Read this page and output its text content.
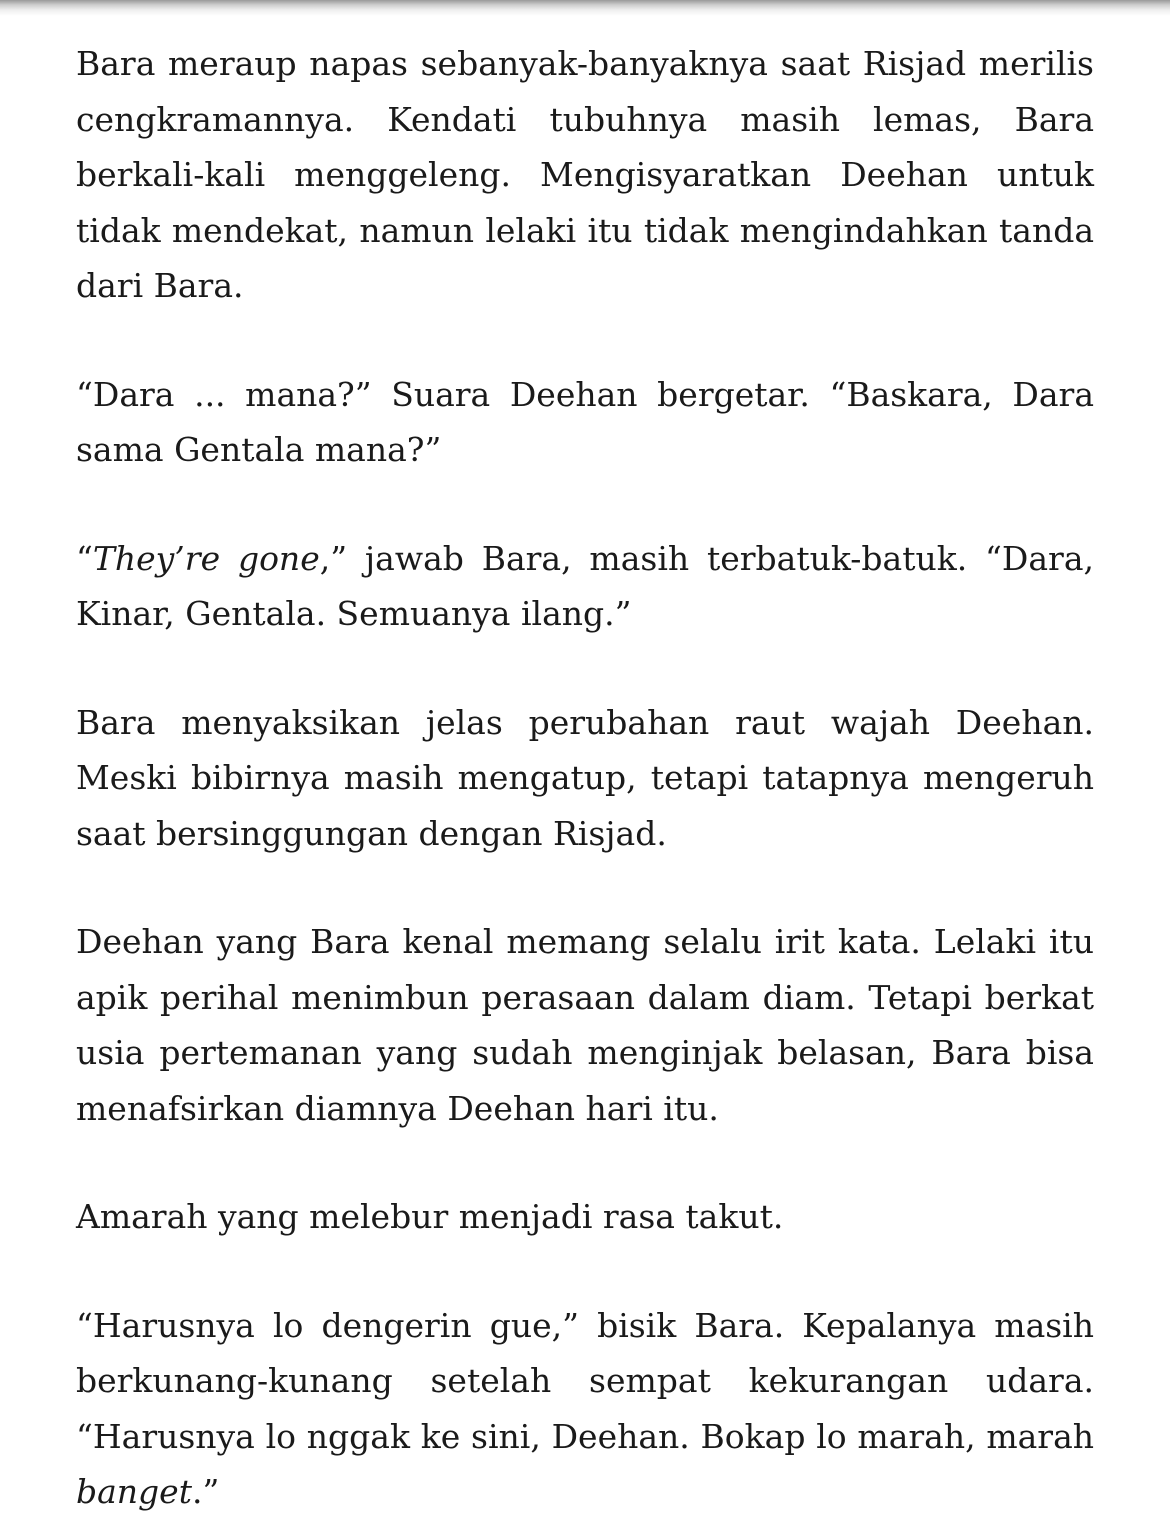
Bara meraup napas sebanyak-banyaknya saat Risjad merilis cengkramannya. Kendati tubuhnya masih lemas, Bara berkali-kali menggeleng. Mengisyaratkan Deehan untuk tidak mendekat, namun lelaki itu tidak mengindahkan tanda dari Bara.

“Dara ... mana?” Suara Deehan bergetar. “Baskara, Dara sama Gentala mana?”

“They’re gone,” jawab Bara, masih terbatuk-batuk. “Dara, Kinar, Gentala. Semuanya ilang.”

Bara menyaksikan jelas perubahan raut wajah Deehan. Meski bibirnya masih mengatup, tetapi tatapnya mengeruh saat bersinggungan dengan Risjad.

Deehan yang Bara kenal memang selalu irit kata. Lelaki itu apik perihal menimbun perasaan dalam diam. Tetapi berkat usia pertemanan yang sudah menginjak belasan, Bara bisa menafsirkan diamnya Deehan hari itu.

Amarah yang melebur menjadi rasa takut.

“Harusnya lo dengerin gue,” bisik Bara. Kepalanya masih berkunang-kunang setelah sempat kekurangan udara. “Harusnya lo nggak ke sini, Deehan. Bokap lo marah, marah banget.”
